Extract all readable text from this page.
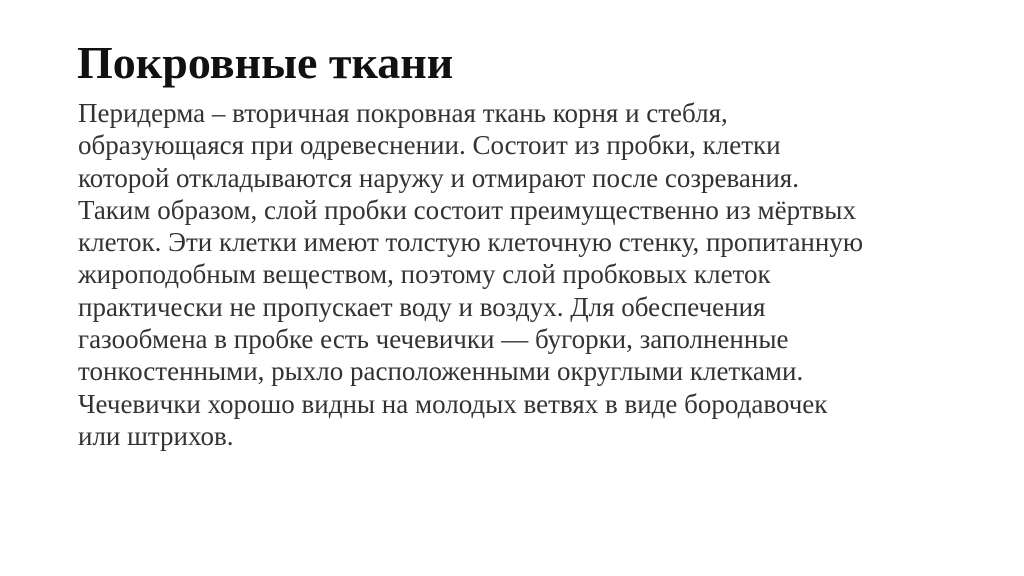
Покровные ткани
Перидерма – вторичная покровная ткань корня и стебля,
образующаяся при одревеснении. Состоит из пробки, клетки
которой откладываются наружу и отмирают после созревания.
Таким образом, слой пробки состоит преимущественно из мёртвых
клеток. Эти клетки имеют толстую клеточную стенку, пропитанную
жироподобным веществом, поэтому слой пробковых клеток
практически не пропускает воду и воздух. Для обеспечения
газообмена в пробке есть чечевички — бугорки, заполненные
тонкостенными, рыхло расположенными округлыми клетками.
Чечевички хорошо видны на молодых ветвях в виде бородавочек
или штрихов.
